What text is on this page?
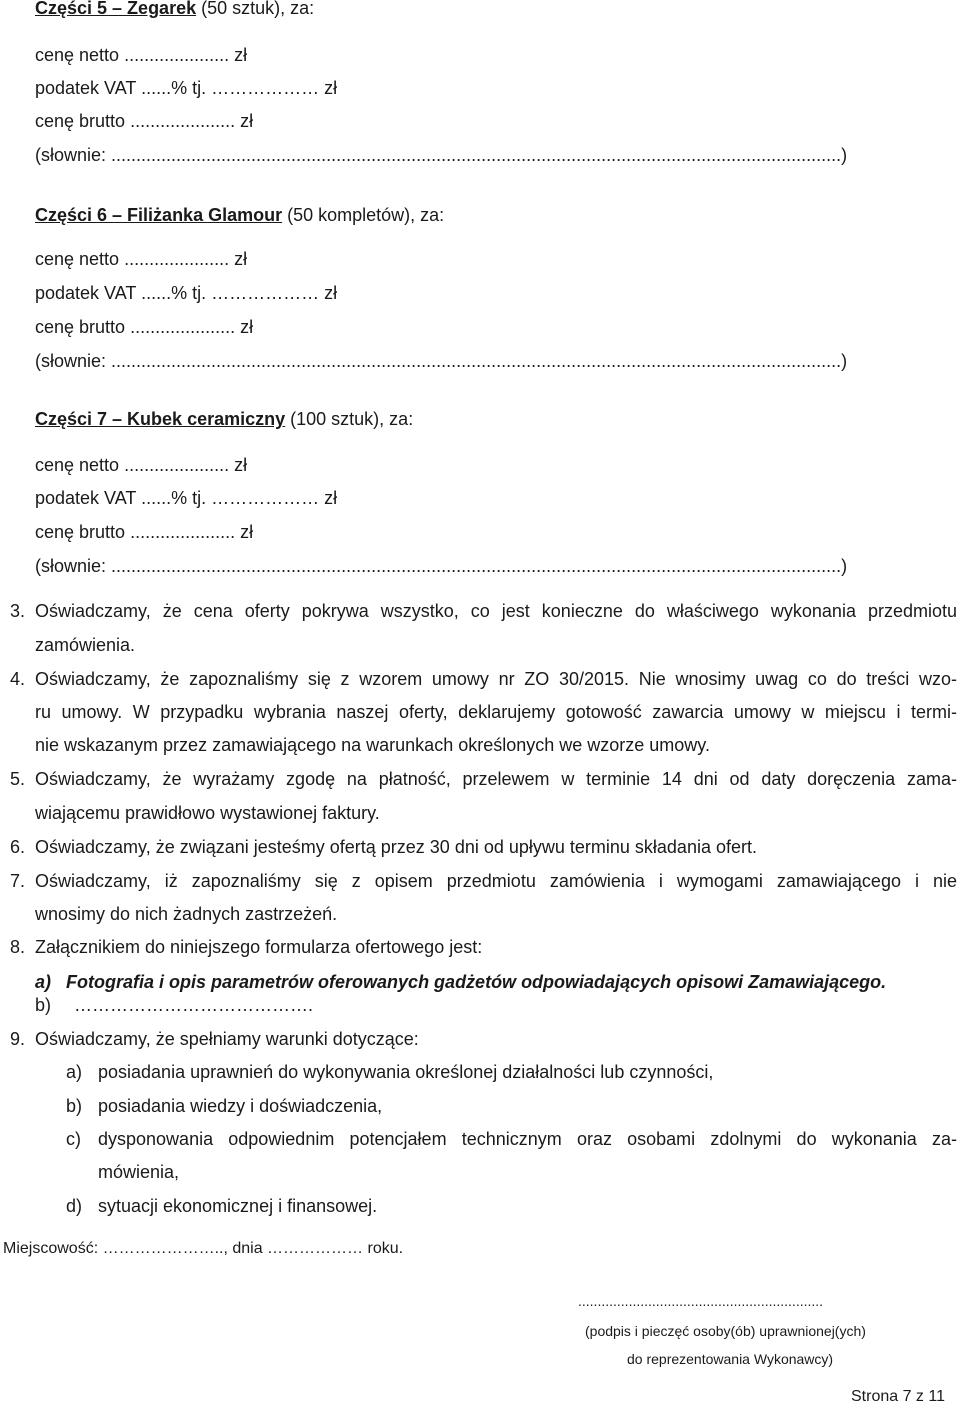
Części 5 – Zegarek (50 sztuk), za:
cenę netto ..................... zł
podatek VAT ......% tj. ……………… zł
cenę brutto ..................... zł
(słownie: ..................................................................................................................................................)
Części 6 – Filiżanka Glamour (50 kompletów), za:
cenę netto ..................... zł
podatek VAT ......% tj. ……………… zł
cenę brutto ..................... zł
(słownie: ..................................................................................................................................................)
Części 7 – Kubek ceramiczny (100 sztuk), za:
cenę netto ..................... zł
podatek VAT ......% tj. ……………… zł
cenę brutto ..................... zł
(słownie: ..................................................................................................................................................)
3. Oświadczamy, że cena oferty pokrywa wszystko, co jest konieczne do właściwego wykonania przedmiotu
zamówienia.
4. Oświadczamy, że zapoznaliśmy się z wzorem umowy nr ZO 30/2015. Nie wnosimy uwag co do treści wzo-
ru umowy. W przypadku wybrania naszej oferty, deklarujemy gotowość zawarcia umowy w miejscu i termi-
nie wskazanym przez zamawiającego na warunkach określonych we wzorze umowy.
5. Oświadczamy, że wyrażamy zgodę na płatność, przelewem w terminie 14 dni od daty doręczenia zama-
wiającemu prawidłowo wystawionej faktury.
6. Oświadczamy, że związani jesteśmy ofertą przez 30 dni od upływu terminu składania ofert.
7. Oświadczamy, iż zapoznaliśmy się z opisem przedmiotu zamówienia i wymogami zamawiającego i nie
wnosimy do nich żadnych zastrzeżeń.
8. Załącznikiem do niniejszego formularza ofertowego jest:
a) Fotografia i opis parametrów oferowanych gadżetów odpowiadających opisowi Zamawiającego.
b) ………………………………….
9. Oświadczamy, że spełniamy warunki dotyczące:
a) posiadania uprawnień do wykonywania określonej działalności lub czynności,
b) posiadania wiedzy i doświadczenia,
c) dysponowania odpowiednim potencjałem technicznym oraz osobami zdolnymi do wykonania za-
mówienia,
d) sytuacji ekonomicznej i finansowej.
Miejscowość: ………………….., dnia ……………… roku.
...............................................................
(podpis i pieczęć osoby(ób) uprawnionej(ych)
do reprezentowania Wykonawcy)
Strona 7 z 11
